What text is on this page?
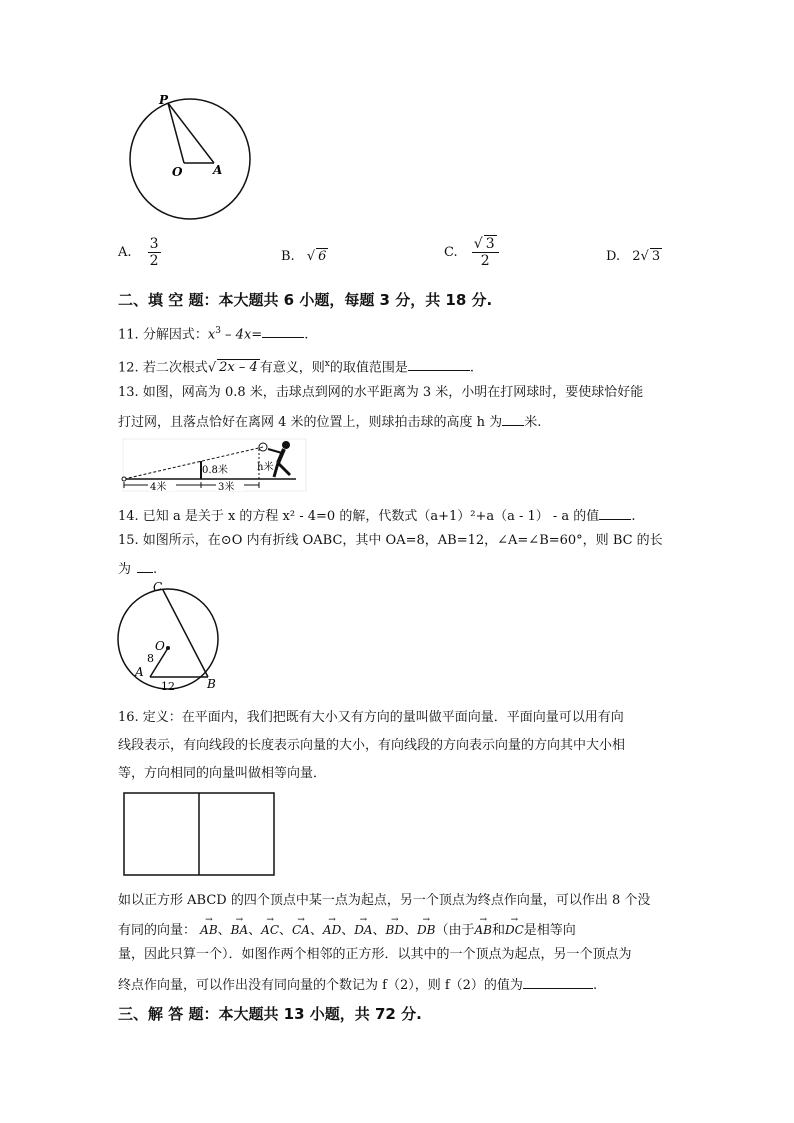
P
O	A
A. $\frac{3}{2}$	B. √ 6	C. $\frac{√ 3}{2}$	D. 2√ 3
二、填 空 题：本大题共 6 小题，每题 3 分，共 18 分.
11. 分解因式：$x^3 - 4x=$	.
12. 若二次根式√ 2x – 4 有意义，则$^x$的取值范围是	.
13. 如图，网高为 0.8 米，击球点到网的水平距离为 3 米，小明在打网球时，要使球恰好能
打过网，且落点恰好在离网 4 米的位置上，则球拍击球的高度 h 为 米.
0.8米	h米
4米	3米
14. 已知 a 是关于 x 的方程 x² - 4=0 的解，代数式（a+1）²+a（a - 1） - a 的值 .
15. 如图所示，在⊙O 内有折线 OABC，其中 OA=8，AB=12，∠A=∠B=60°，则 BC 的长
为 .
C
O
8
A
12	B
16. 定义：在平面内，我们把既有大小又有方向的量叫做平面向量．平面向量可以用有向
线段表示，有向线段的长度表示向量的大小，有向线段的方向表示向量的方向其中大小相
等，方向相同的向量叫做相等向量．
如以正方形 ABCD 的四个顶点中某一点为起点，另一个顶点为终点作向量，可以作出 8 个没
有同的向量：
→
AB、
→
BA、
→
AC、
→
CA、
→
AD、
→
DA、
→
BD、
→
DB（由于
→
AB和
→
DC是相等向
量，因此只算一个）．如图作两个相邻的正方形．以其中的一个顶点为起点，另一个顶点为
终点作向量，可以作出没有同向量的个数记为 f（2），则 f（2）的值为	.
三、解 答 题：本大题共 13 小题，共 72 分.
